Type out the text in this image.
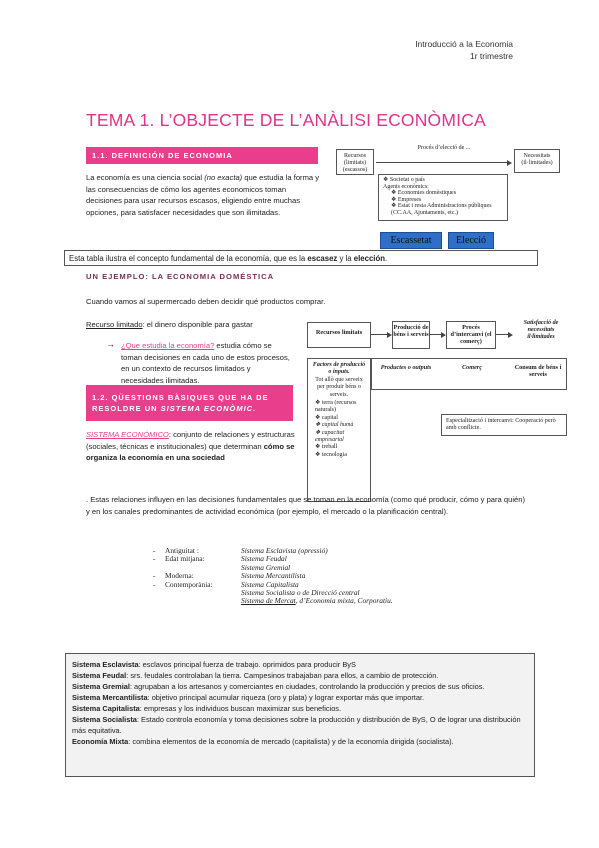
Introducció a la Economia
1r trimestre
TEMA 1. L’OBJECTE DE L’ANÀLISI ECONÒMICA
1.1. DEFINICIÓN DE ECONOMIA
La economía es una ciencia social (no exacta) que estudia la forma y las consecuencias de cómo los agentes economicos toman decisiones para usar recursos escasos, eligiendo entre muchas opciones, para satisfacer necesidades que son ilimitadas.
Recursos (limitats) (escassos)
Procés d’elecció de ...
Necessitats (il·limitades)
❖ Societat o país
Agents econòmics:
❖ Economies domèstiques
❖ Empreses
❖ Estat i resta Administracions públiques (CC.AA, Ajuntaments, etc.)
Escassetat	Elecció
Esta tabla ilustra el concepto fundamental de la economía, que es la escasez y la elección.
UN EJEMPLO: LA ECONOMIA DOMÉSTICA
Cuando vamos al supermercado deben decidir qué productos comprar.
Recurso limitado: el dinero disponible para gastar
→ ¿Que estudia la economía? estudia cómo se toman decisiones en cada uno de estos procesos, en un contexto de recursos limitados y necesidades ilimitadas.
Recursos limitats
Producció de béns i serveis
Procés d’intercanvi (el comerç)
Satisfacció de necessitats il·limitades
Factors de producció o inputs.
Tot allò que serveix per produir béns o serveis.
❖ terra (recursos naturals)
❖ capital
❖ capital humà
❖ capacitat empresarial
❖ treball
❖ tecnologia
Productes o outputs	Comerç	Consum de béns i serveis
Especialització i intercanvi: Cooperació però amb conflicte.
1.2. QÜESTIONS BÀSIQUES QUE HA DE RESOLDRE UN SISTEMA ECONÒMIC.
SISTEMA ECONÓMICO: conjunto de relaciones y estructuras (sociales, técnicas e institucionales) que determinan cómo se organiza la economía en una sociedad
. Estas relaciones influyen en las decisiones fundamentales que se toman en la economía (como qué producir, cómo y para quién) y en los canales predominantes de actividad económica (por ejemplo, el mercado o la planificación central).
-	Antiguitat :	Sistema Esclavista (opressió)
-	Edat mitjana:	Sistema Feudal
Sistema Gremial
-	Moderna:	Sistema Mercantilista
-	Contemporània:	Sistema Capitalista
Sistema Socialista o de Direcció central
Sistema de Mercat, d’Economia mixta, Corporatiu.
Sistema Esclavista: esclavos principal fuerza de trabajo. oprimidos para producir ByS
Sistema Feudal: srs. feudales controlaban la tierra. Campesinos trabajaban para ellos, a cambio de protección.
Sistema Gremial: agrupaban a los artesanos y comerciantes en ciudades, controlando la producción y precios de sus oficios.
Sistema Mercantilista: objetivo principal acumular riqueza (oro y plata) y lograr exportar más que importar.
Sistema Capitalista: empresas y los individuos buscan maximizar sus beneficios.
Sistema Socialista: Estado controla economía y toma decisiones sobre la producción y distribución de ByS, O de lograr una distribución más equitativa.
Economía Mixta: combina elementos de la economía de mercado (capitalista) y de la economía dirigida (socialista).
